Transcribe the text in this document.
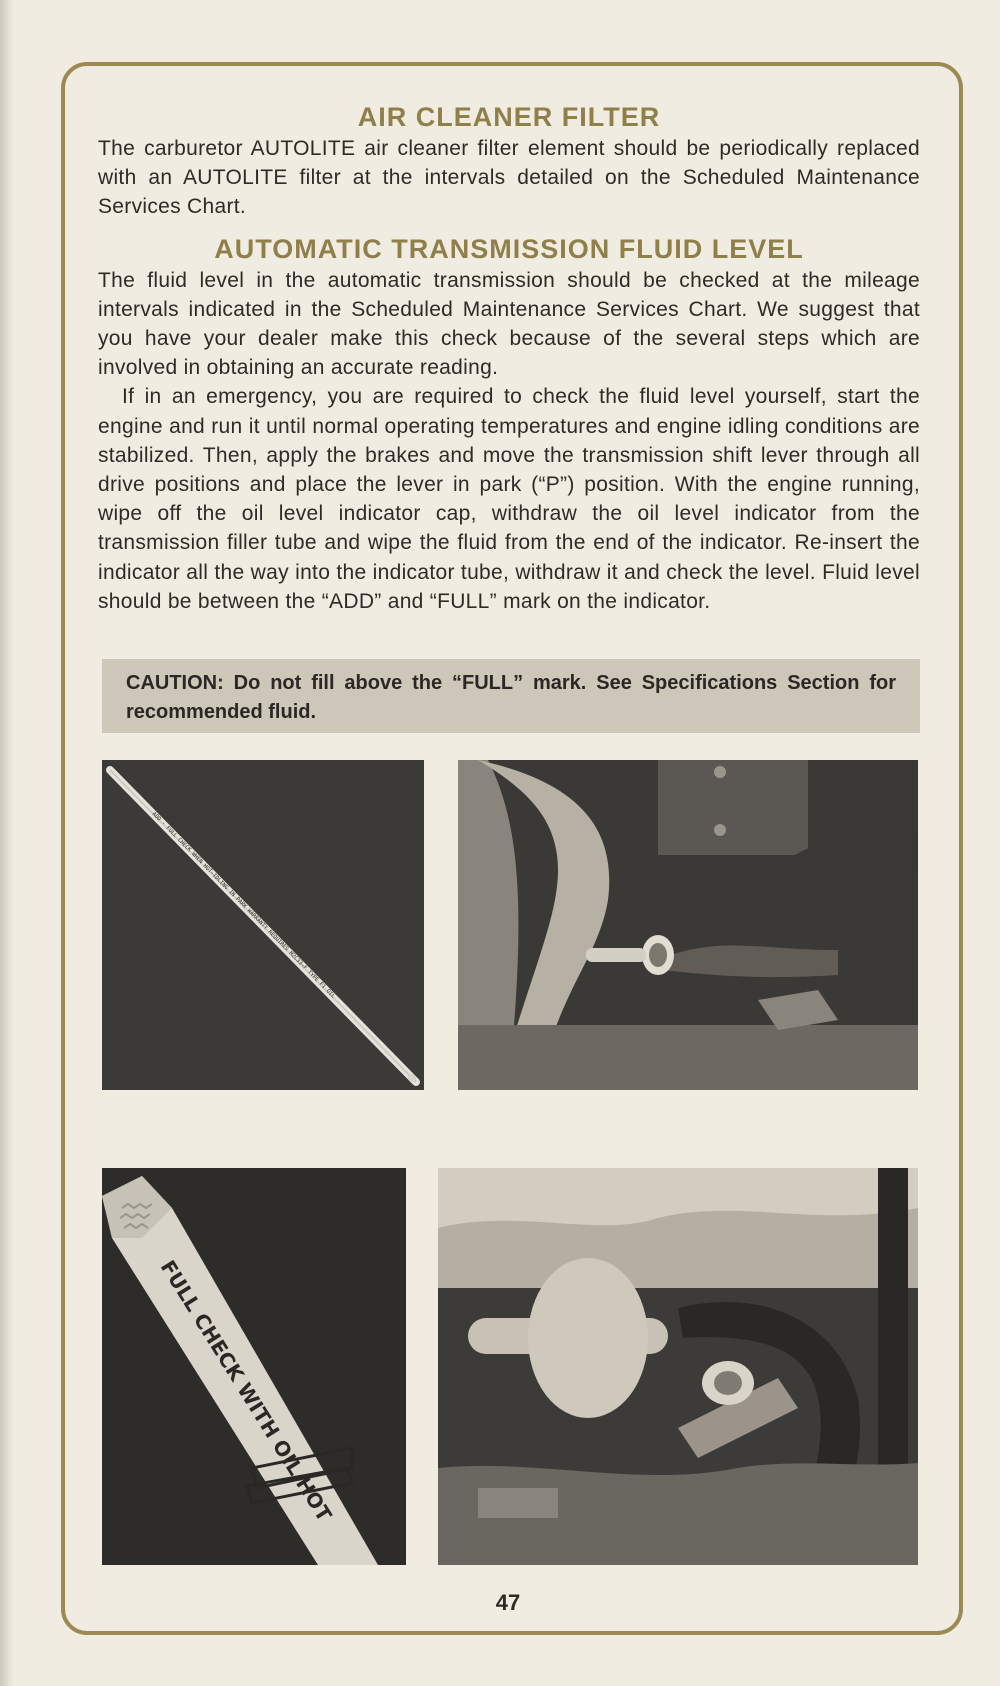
AIR CLEANER FILTER

The carburetor AUTOLITE air cleaner filter element should be periodically replaced with an AUTOLITE filter at the intervals detailed on the Scheduled Maintenance Services Chart.

AUTOMATIC TRANSMISSION FLUID LEVEL

The fluid level in the automatic transmission should be checked at the mileage intervals indicated in the Scheduled Maintenance Services Chart. We suggest that you have your dealer make this check because of the several steps which are involved in obtaining an accurate reading.

If in an emergency, you are required to check the fluid level yourself, start the engine and run it until normal operating temperatures and engine idling conditions are stabilized. Then, apply the brakes and move the transmission shift lever through all drive positions and place the lever in park (“P”) position. With the engine running, wipe off the oil level indicator cap, withdraw the oil level indicator from the transmission filler tube and wipe the fluid from the end of the indicator. Re-insert the indicator all the way into the indicator tube, withdraw it and check the level. Fluid level should be between the “ADD” and “FULL” mark on the indicator.

CAUTION: Do not fill above the “FULL” mark. See Specifications Section for recommended fluid.
ADD · FULL CHECK WHEN HOT—IDLING IN PARK WARRANTY REQUIRES M2C33—F TYPE F1 OIL
FULL CHECK WITH OIL HOT
47
